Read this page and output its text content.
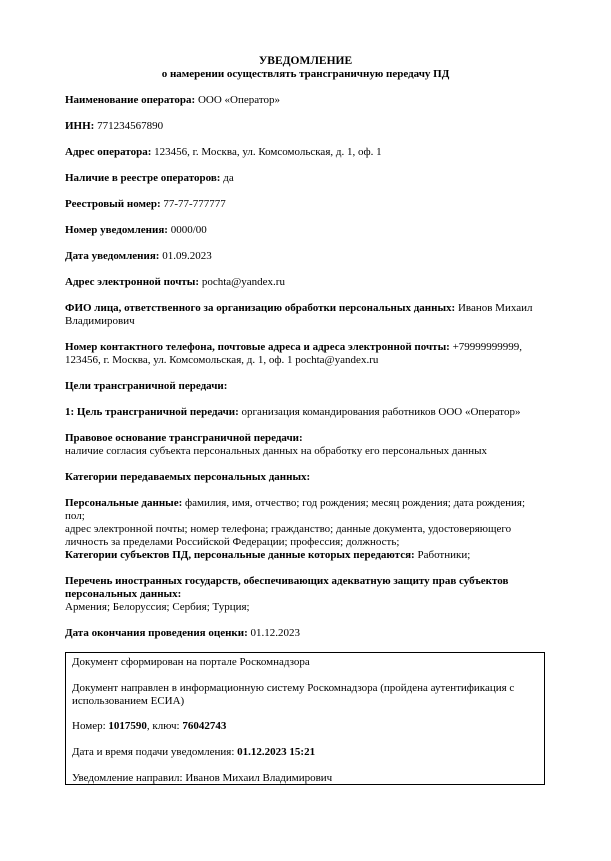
УВЕДОМЛЕНИЕ
о намерении осуществлять трансграничную передачу ПД
Наименование оператора: ООО «Оператор»
ИНН: 771234567890
Адрес оператора: 123456, г. Москва, ул. Комсомольская, д. 1, оф. 1
Наличие в реестре операторов: да
Реестровый номер: 77-77-777777
Номер уведомления: 0000/00
Дата уведомления: 01.09.2023
Адрес электронной почты: pochta@yandex.ru
ФИО лица, ответственного за организацию обработки персональных данных: Иванов Михаил
Владимирович
Номер контактного телефона, почтовые адреса и адреса электронной почты: +79999999999,
123456, г. Москва, ул. Комсомольская, д. 1, оф. 1 pochta@yandex.ru
Цели трансграничной передачи:
1: Цель трансграничной передачи: организация командирования работников ООО «Оператор»
Правовое основание трансграничной передачи:
наличие согласия субъекта персональных данных на обработку его персональных данных
Категории передаваемых персональных данных:
Персональные данные: фамилия, имя, отчество; год рождения; месяц рождения; дата рождения; пол;
адрес электронной почты; номер телефона; гражданство; данные документа, удостоверяющего
личность за пределами Российской Федерации; профессия; должность;
Категории субъектов ПД, персональные данные которых передаются: Работники;
Перечень иностранных государств, обеспечивающих адекватную защиту прав субъектов
персональных данных:
Армения; Белоруссия; Сербия; Турция;
Дата окончания проведения оценки: 01.12.2023
Документ сформирован на портале Роскомнадзора
Документ направлен в информационную систему Роскомнадзора (пройдена аутентификация с
использованием ЕСИА)
Номер: 1017590, ключ: 76042743
Дата и время подачи уведомления: 01.12.2023 15:21
Уведомление направил: Иванов Михаил Владимирович
